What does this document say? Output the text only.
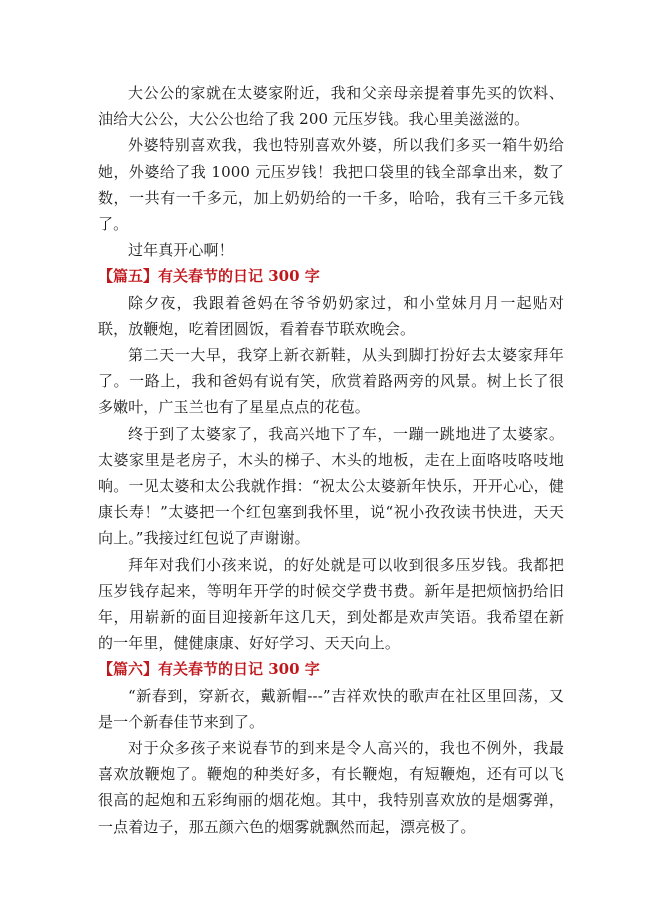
大公公的家就在太婆家附近，我和父亲母亲提着事先买的饮料、油给大公公，大公公也给了我 200 元压岁钱。我心里美滋滋的。

外婆特别喜欢我，我也特别喜欢外婆，所以我们多买一箱牛奶给她，外婆给了我 1000 元压岁钱！我把口袋里的钱全部拿出来，数了数，一共有一千多元，加上奶奶给的一千多，哈哈，我有三千多元钱了。

过年真开心啊！

【篇五】有关春节的日记 300 字

除夕夜，我跟着爸妈在爷爷奶奶家过，和小堂妹月月一起贴对联，放鞭炮，吃着团圆饭，看着春节联欢晚会。

第二天一大早，我穿上新衣新鞋，从头到脚打扮好去太婆家拜年了。一路上，我和爸妈有说有笑，欣赏着路两旁的风景。树上长了很多嫩叶，广玉兰也有了星星点点的花苞。

终于到了太婆家了，我高兴地下了车，一蹦一跳地进了太婆家。太婆家里是老房子，木头的梯子、木头的地板，走在上面咯吱咯吱地响。一见太婆和太公我就作揖：“祝太公太婆新年快乐，开开心心，健康长寿！”太婆把一个红包塞到我怀里，说“祝小孜孜读书快进，天天向上。”我接过红包说了声谢谢。

拜年对我们小孩来说，的好处就是可以收到很多压岁钱。我都把压岁钱存起来，等明年开学的时候交学费书费。新年是把烦恼扔给旧年，用崭新的面目迎接新年这几天，到处都是欢声笑语。我希望在新的一年里，健健康康、好好学习、天天向上。

【篇六】有关春节的日记 300 字

“新春到，穿新衣，戴新帽---”吉祥欢快的歌声在社区里回荡，又是一个新春佳节来到了。

对于众多孩子来说春节的到来是令人高兴的，我也不例外，我最喜欢放鞭炮了。鞭炮的种类好多，有长鞭炮，有短鞭炮，还有可以飞很高的起炮和五彩绚丽的烟花炮。其中，我特别喜欢放的是烟雾弹，一点着边子，那五颜六色的烟雾就飘然而起，漂亮极了。
